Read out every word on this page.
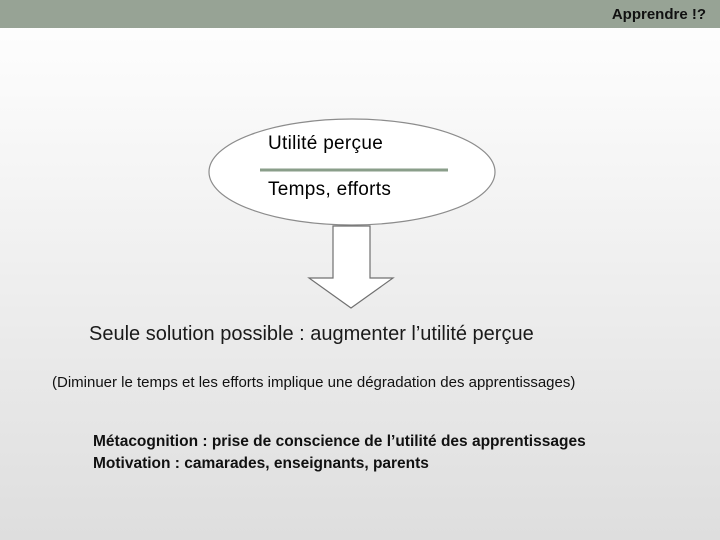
Apprendre !?
Utilité perçue
Temps, efforts
Seule solution possible : augmenter l’utilité perçue
(Diminuer le temps et les efforts implique une dégradation des apprentissages)
Métacognition : prise de conscience de l’utilité des apprentissages
Motivation : camarades, enseignants, parents
